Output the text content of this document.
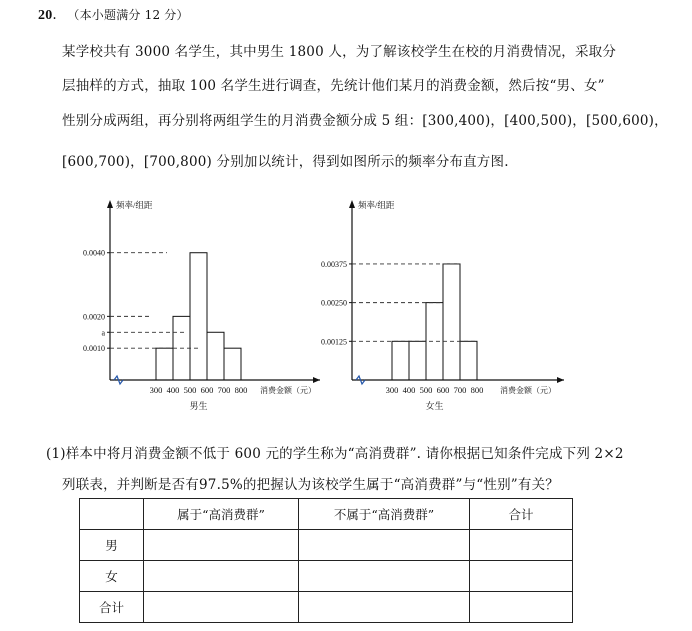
20. （本小题满分 12 分）
某学校共有 3000 名学生，其中男生 1800 人，为了解该校学生在校的月消费情况，采取分
层抽样的方式，抽取 100 名学生进行调查，先统计他们某月的消费金额，然后按“男、女”
性别分成两组，再分别将两组学生的月消费金额分成 5 组：[300,400)，[400,500)，[500,600)，
[600,700)，[700,800) 分别加以统计，得到如图所示的频率分布直方图.
频率/组距
0.0040
0.0020
a
0.0010
300 400 500 600 700 800 消费金额（元）
男生
频率/组距
0.00375
0.00250
0.00125
300 400 500 600 700 800 消费金额（元）
女生
(1)样本中将月消费金额不低于 600 元的学生称为“高消费群”. 请你根据已知条件完成下列 2×2
列联表，并判断是否有97.5%的把握认为该校学生属于“高消费群”与“性别”有关？
	属于“高消费群”	不属于“高消费群”	合计
男			
女			
合计			
